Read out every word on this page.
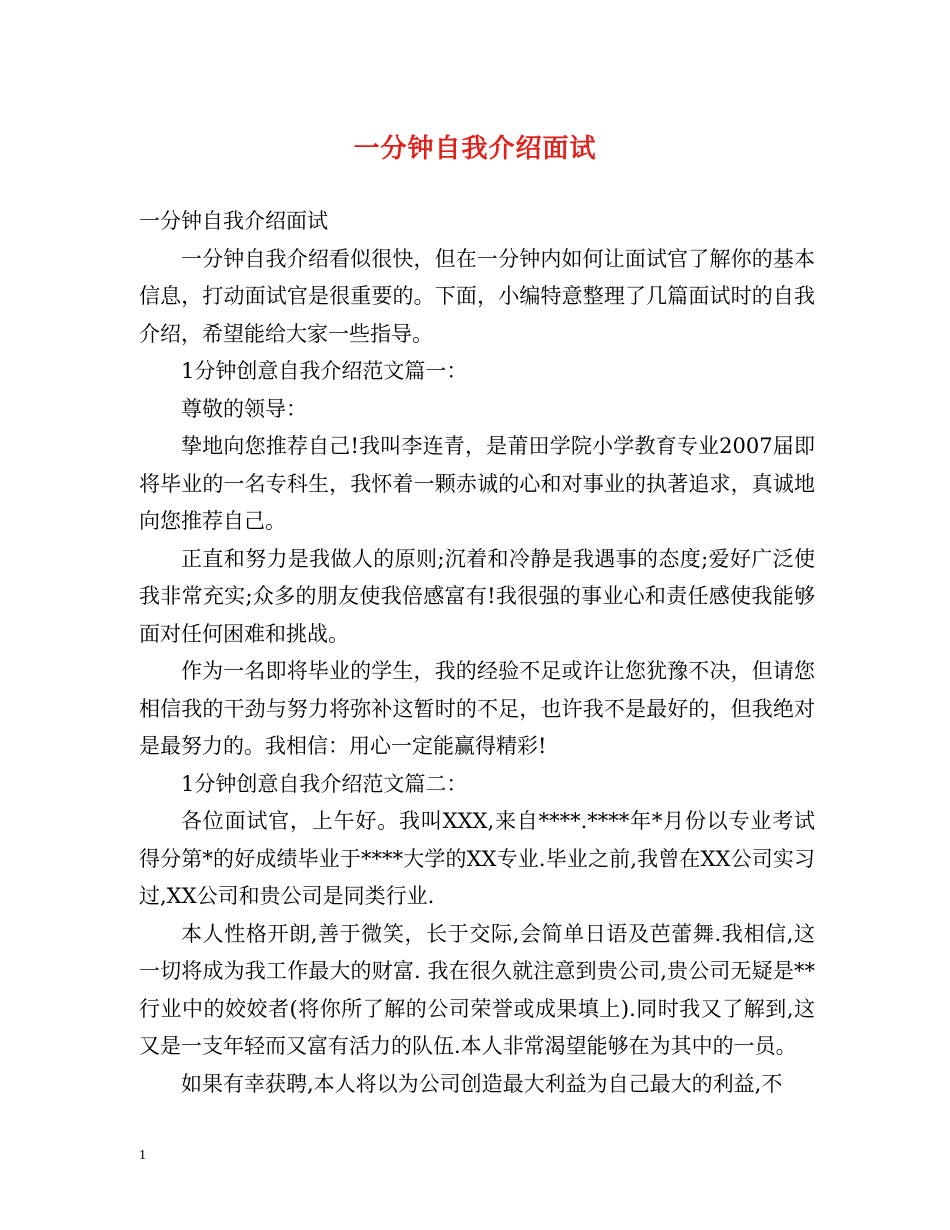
一分钟自我介绍面试

一分钟自我介绍面试

一分钟自我介绍看似很快，但在一分钟内如何让面试官了解你的基本信息，打动面试官是很重要的。下面，小编特意整理了几篇面试时的自我介绍，希望能给大家一些指导。

1分钟创意自我介绍范文篇一：

尊敬的领导：

挚地向您推荐自己!我叫李连青，是莆田学院小学教育专业2007届即将毕业的一名专科生，我怀着一颗赤诚的心和对事业的执著追求，真诚地向您推荐自己。

正直和努力是我做人的原则;沉着和冷静是我遇事的态度;爱好广泛使我非常充实;众多的朋友使我倍感富有!我很强的事业心和责任感使我能够面对任何困难和挑战。

作为一名即将毕业的学生，我的经验不足或许让您犹豫不决，但请您相信我的干劲与努力将弥补这暂时的不足，也许我不是最好的，但我绝对是最努力的。我相信：用心一定能赢得精彩!

1分钟创意自我介绍范文篇二：

各位面试官，上午好。我叫XXX,来自****.****年*月份以专业考试得分第*的好成绩毕业于****大学的XX专业.毕业之前,我曾在XX公司实习过,XX公司和贵公司是同类行业.

本人性格开朗,善于微笑，长于交际,会简单日语及芭蕾舞.我相信,这一切将成为我工作最大的财富. 我在很久就注意到贵公司,贵公司无疑是**行业中的姣姣者(将你所了解的公司荣誉或成果填上).同时我又了解到,这又是一支年轻而又富有活力的队伍.本人非常渴望能够在为其中的一员。

如果有幸获聘,本人将以为公司创造最大利益为自己最大的利益,不

1
